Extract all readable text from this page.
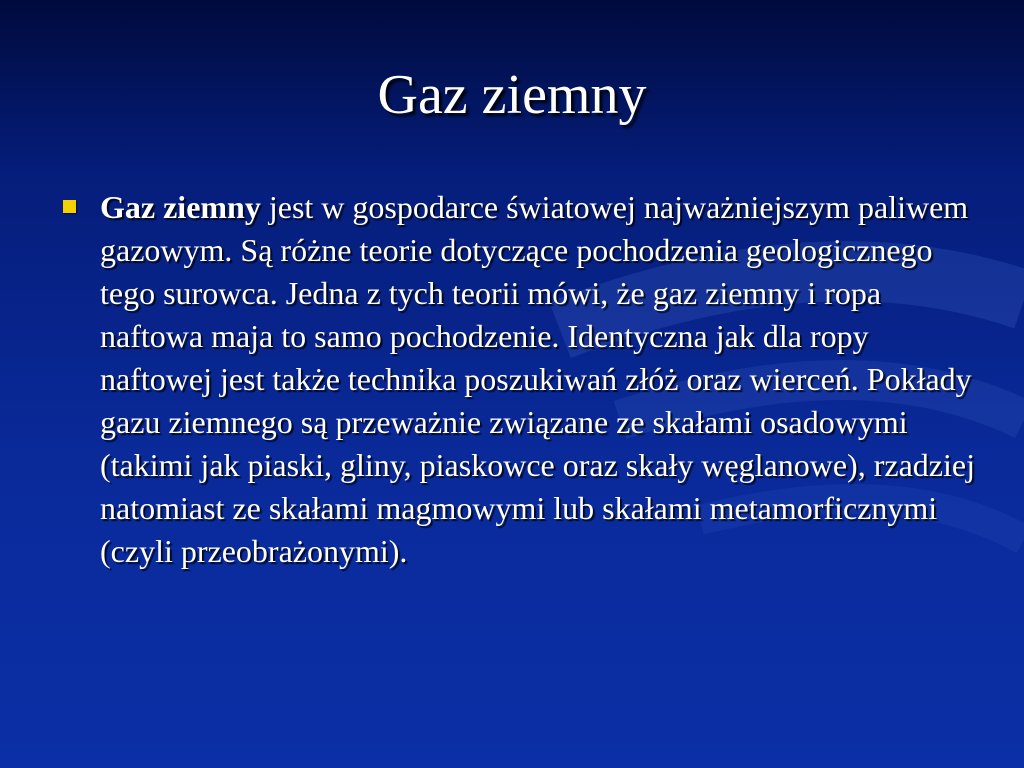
Gaz ziemny

Gaz ziemny jest w gospodarce światowej najważniejszym paliwem gazowym. Są różne teorie dotyczące pochodzenia geologicznego tego surowca. Jedna z tych teorii mówi, że gaz ziemny i ropa naftowa maja to samo pochodzenie. Identyczna jak dla ropy naftowej jest także technika poszukiwań złóż oraz wierceń. Pokłady gazu ziemnego są przeważnie związane ze skałami osadowymi (takimi jak piaski, gliny, piaskowce oraz skały węglanowe), rzadziej natomiast ze skałami magmowymi lub skałami metamorficznymi (czyli przeobrażonymi).
